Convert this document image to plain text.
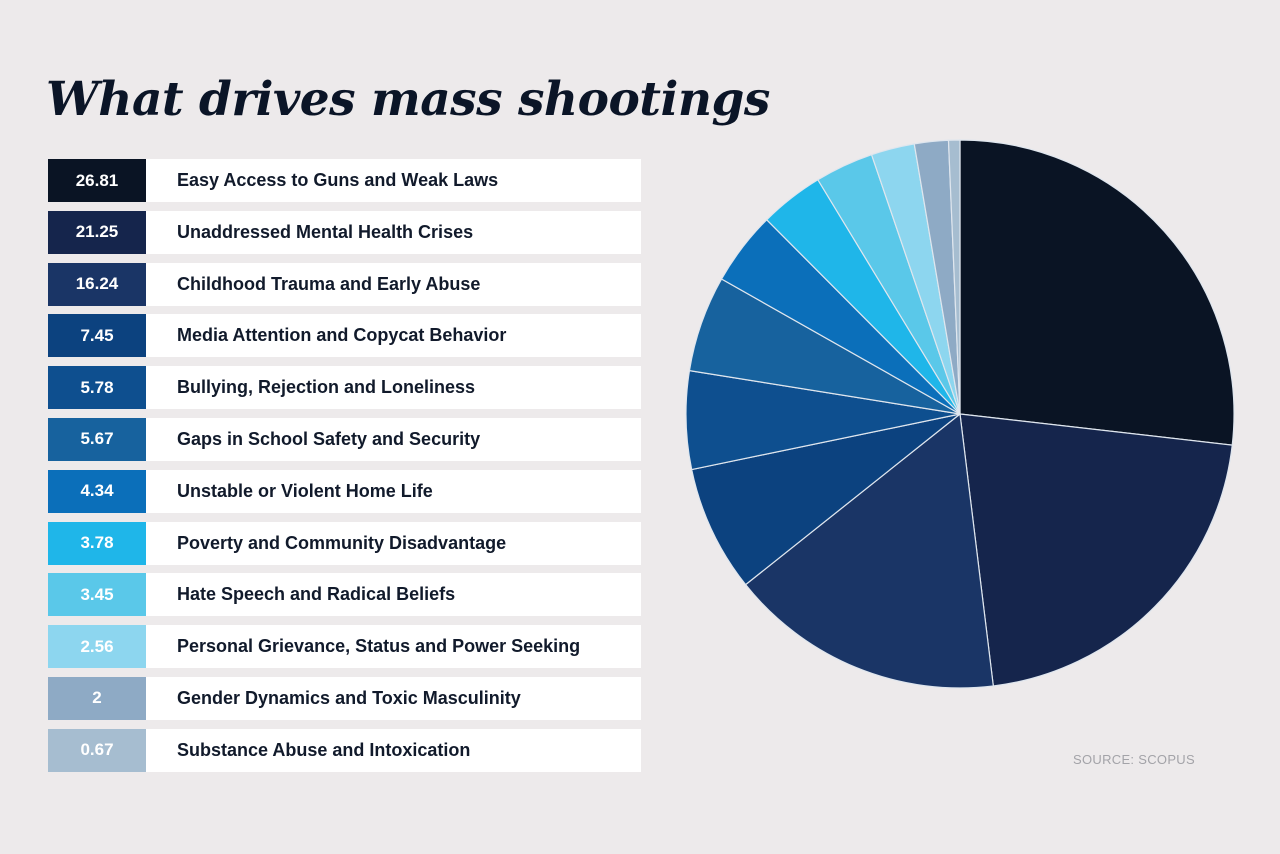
What drives mass shootings
26.81	Easy Access to Guns and Weak Laws
21.25	Unaddressed Mental Health Crises
16.24	Childhood Trauma and Early Abuse
7.45	Media Attention and Copycat Behavior
5.78	Bullying, Rejection and Loneliness
5.67	Gaps in School Safety and Security
4.34	Unstable or Violent Home Life
3.78	Poverty and Community Disadvantage
3.45	Hate Speech and Radical Beliefs
2.56	Personal Grievance, Status and Power Seeking
2	Gender Dynamics and Toxic Masculinity
0.67	Substance Abuse and Intoxication	SOURCE: SCOPUS
